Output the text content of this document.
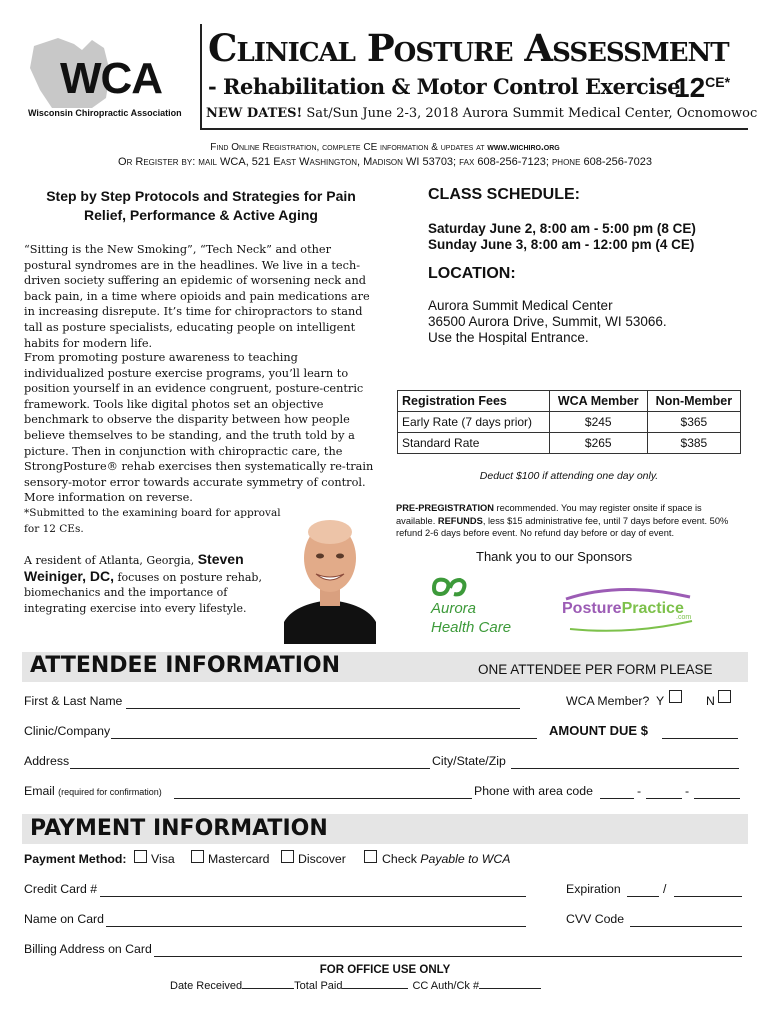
WCA
Wisconsin Chiropractic Association
Clinical Posture Assessment
- Rehabilitation & Motor Control Exercise
$12^{CE*}$
NEW DATES! Sat/Sun June 2-3, 2018 Aurora Summit Medical Center, Ocnomowoc
Find Online Registration, complete CE information & updates at www.wichiro.org
Or Register by: mail WCA, 521 East Washington, Madison WI 53703; fax 608-256-7123; phone 608-256-7023
Step by Step Protocols and Strategies for Pain Relief, Performance & Active Aging
“Sitting is the New Smoking”, “Tech Neck” and other postural syndromes are in the headlines. We live in a tech-driven society suffering an epidemic of worsening neck and back pain, in a time where opioids and pain medications are in increasing disrepute. It’s time for chiropractors to stand tall as posture specialists, educating people on intelligent habits for modern life.
From promoting posture awareness to teaching individualized posture exercise programs, you’ll learn to position yourself in an evidence congruent, posture-centric framework. Tools like digital photos set an objective benchmark to observe the disparity between how people believe themselves to be standing, and the truth told by a picture. Then in conjunction with chiropractic care, the StrongPosture® rehab exercises then systematically re-train sensory-motor error towards accurate symmetry of control. More information on reverse.
*Submitted to the examining board for approval for 12 CEs.
A resident of Atlanta, Georgia, Steven Weiniger, DC, focuses on posture rehab, biomechanics and the importance of integrating exercise into every lifestyle.
CLASS SCHEDULE:
Saturday June 2, 8:00 am - 5:00 pm (8 CE)
Sunday June 3, 8:00 am - 12:00 pm (4 CE)
LOCATION:
Aurora Summit Medical Center
36500 Aurora Drive, Summit, WI 53066.
Use the Hospital Entrance.
Registration Fees	WCA Member	Non-Member
Early Rate (7 days prior)	$245	$365
Standard Rate	$265	$385
Deduct $100 if attending one day only.
PRE-PREGISTRATION recommended. You may register onsite if space is available. REFUNDS, less $15 administrative fee, until 7 days before event. 50% refund 2-6 days before event. No refund day before or day of event.
Thank you to our Sponsors
Aurora
Health Care
PosturePractice
.com
ATTENDEE INFORMATION	ONE ATTENDEE PER FORM PLEASE
First & Last Name	WCA Member? Y	N
Clinic/Company	AMOUNT DUE $
Address	City/State/Zip
Email (required for confirmation)	Phone with area code	-	-
PAYMENT INFORMATION
Payment Method: Visa	Mastercard Discover	Check Payable to WCA
Credit Card #	Expiration	/
Name on Card	CVV Code
Billing Address on Card
FOR OFFICE USE ONLY
Date Received	Total Paid	CC Auth/Ck #
